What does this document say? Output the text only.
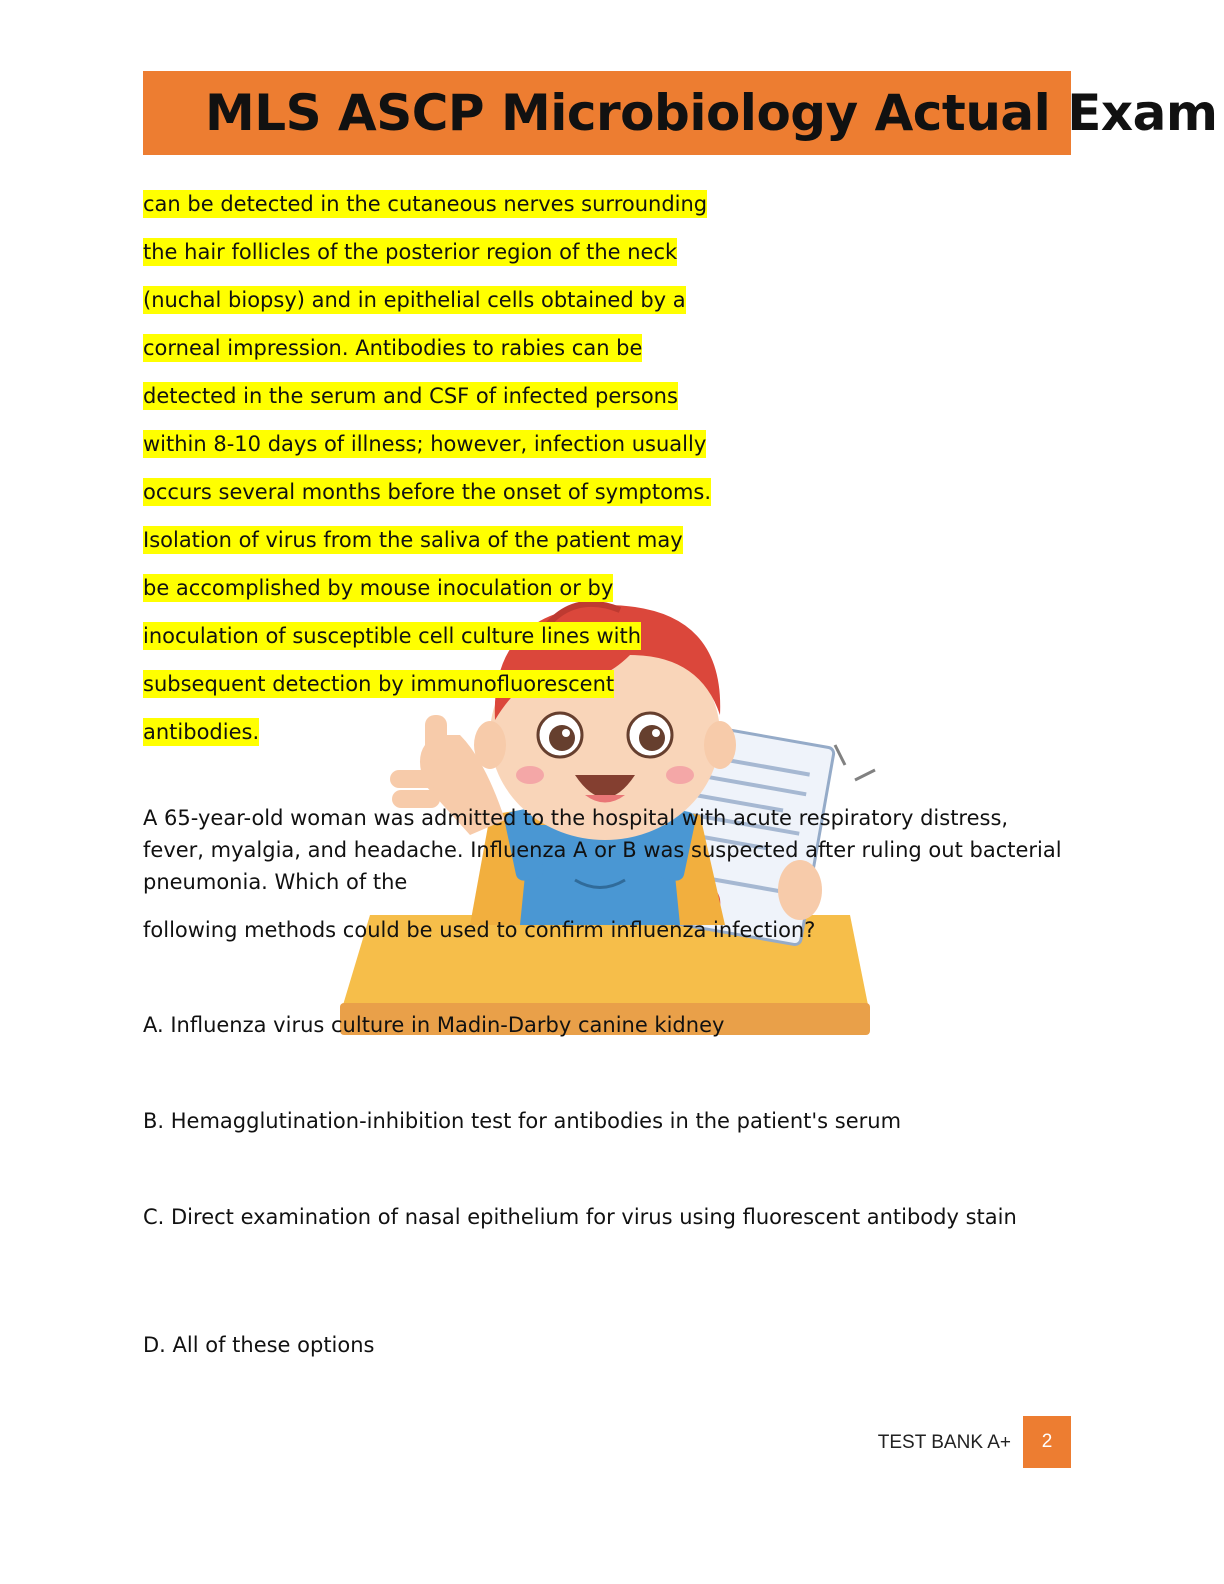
MLS ASCP Microbiology Actual Exam
can be detected in the cutaneous nerves surrounding
the hair follicles of the posterior region of the neck
(nuchal biopsy) and in epithelial cells obtained by a
corneal impression. Antibodies to rabies can be
detected in the serum and CSF of infected persons
within 8-10 days of illness; however, infection usually
occurs several months before the onset of symptoms.
Isolation of virus from the saliva of the patient may
be accomplished by mouse inoculation or by
inoculation of susceptible cell culture lines with
subsequent detection by immunofluorescent
antibodies.

A 65-year-old woman was admitted to the hospital with acute respiratory distress, fever, myalgia, and headache. Influenza A or B was suspected after ruling out bacterial pneumonia. Which of the

following methods could be used to confirm influenza infection?

A. Influenza virus culture in Madin-Darby canine kidney

B. Hemagglutination-inhibition test for antibodies in the patient's serum

C. Direct examination of nasal epithelium for virus using fluorescent antibody stain

D. All of these options

TEST BANK A+	2
